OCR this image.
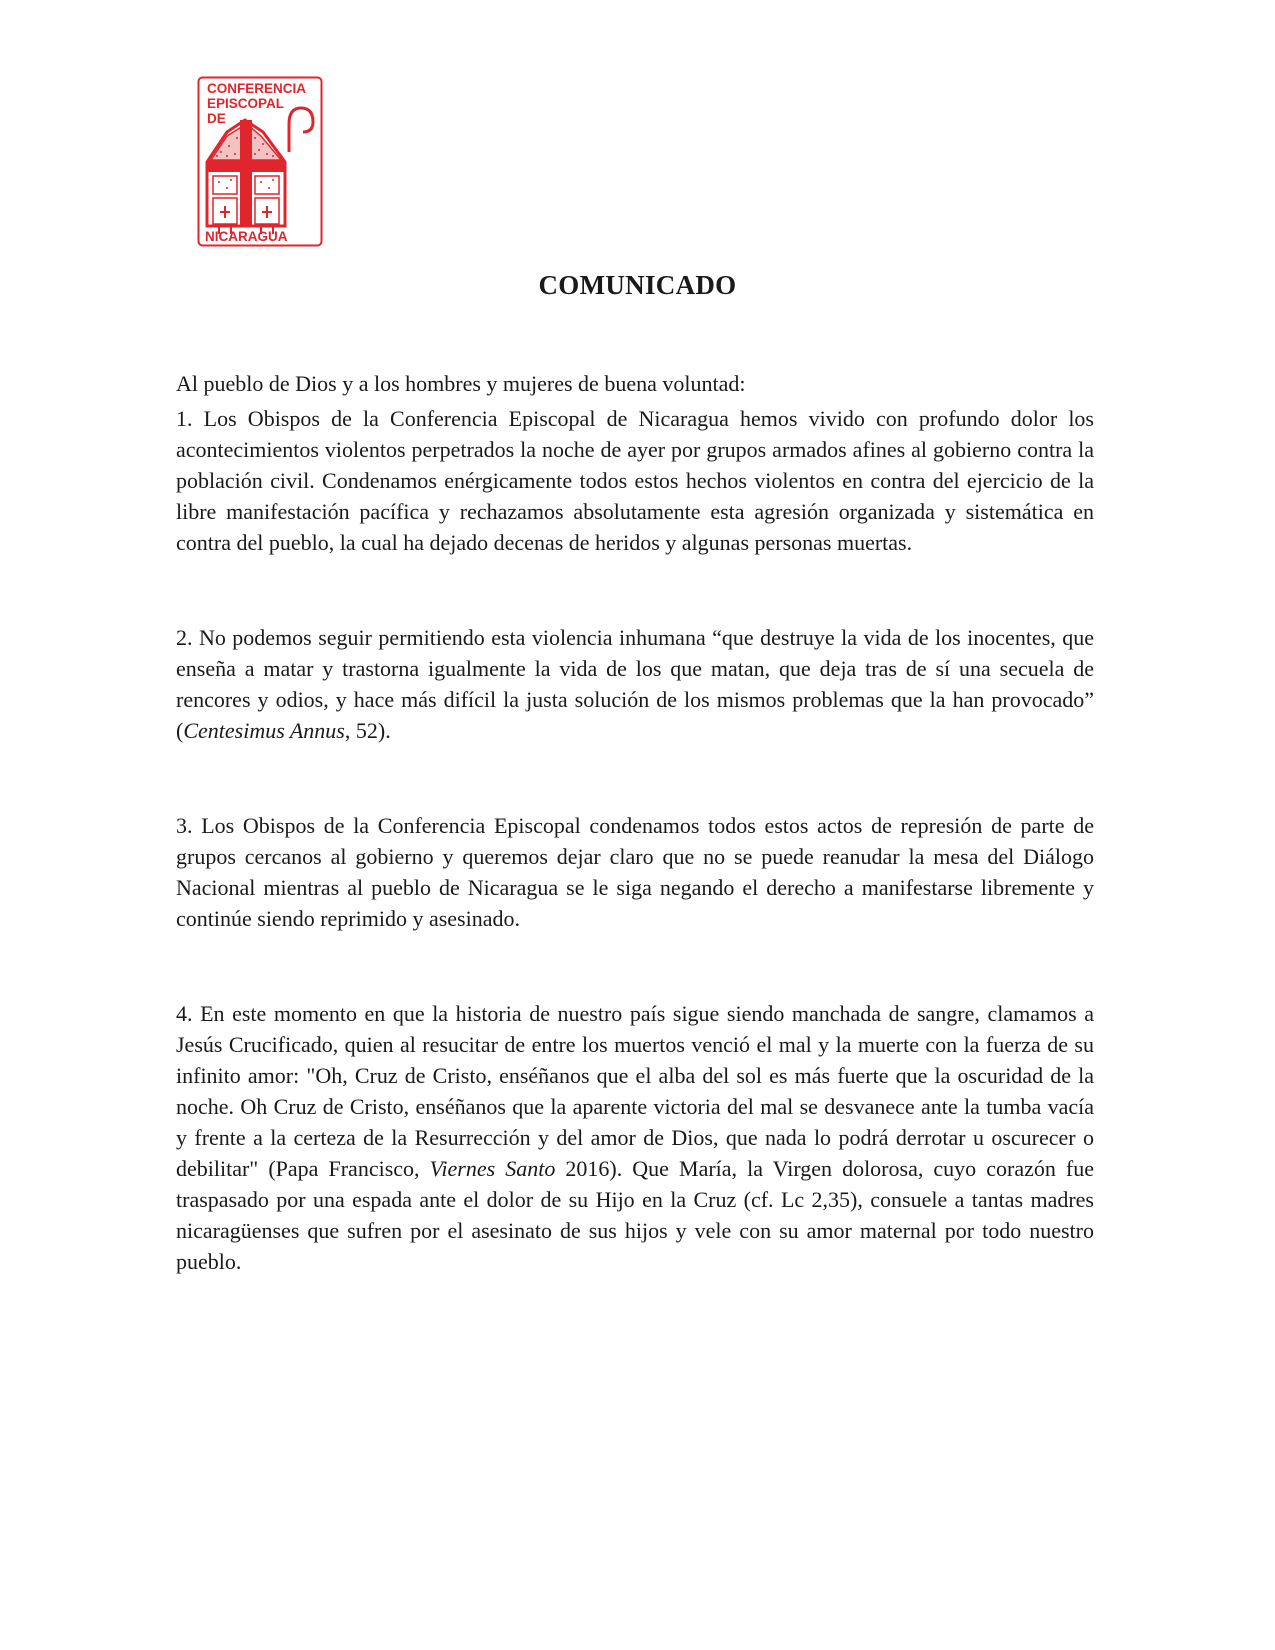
CONFERENCIA
EPISCOPAL
DE
NICARAGUA
COMUNICADO

Al pueblo de Dios y a los hombres y mujeres de buena voluntad:

1. Los Obispos de la Conferencia Episcopal de Nicaragua hemos vivido con profundo dolor los acontecimientos violentos perpetrados la noche de ayer por grupos armados afines al gobierno contra la población civil. Condenamos enérgicamente todos estos hechos violentos en contra del ejercicio de la libre manifestación pacífica y rechazamos absolutamente esta agresión organizada y sistemática en contra del pueblo, la cual ha dejado decenas de heridos y algunas personas muertas.

2. No podemos seguir permitiendo esta violencia inhumana “que destruye la vida de los inocentes, que enseña a matar y trastorna igualmente la vida de los que matan, que deja tras de sí una secuela de rencores y odios, y hace más difícil la justa solución de los mismos problemas que la han provocado” (Centesimus Annus, 52).

3. Los Obispos de la Conferencia Episcopal condenamos todos estos actos de represión de parte de grupos cercanos al gobierno y queremos dejar claro que no se puede reanudar la mesa del Diálogo Nacional mientras al pueblo de Nicaragua se le siga negando el derecho a manifestarse libremente y continúe siendo reprimido y asesinado.

4. En este momento en que la historia de nuestro país sigue siendo manchada de sangre, clamamos a Jesús Crucificado, quien al resucitar de entre los muertos venció el mal y la muerte con la fuerza de su infinito amor: "Oh, Cruz de Cristo, enséñanos que el alba del sol es más fuerte que la oscuridad de la noche. Oh Cruz de Cristo, enséñanos que la aparente victoria del mal se desvanece ante la tumba vacía y frente a la certeza de la Resurrección y del amor de Dios, que nada lo podrá derrotar u oscurecer o debilitar" (Papa Francisco, Viernes Santo 2016). Que María, la Virgen dolorosa, cuyo corazón fue traspasado por una espada ante el dolor de su Hijo en la Cruz (cf. Lc 2,35), consuele a tantas madres nicaragüenses que sufren por el asesinato de sus hijos y vele con su amor maternal por todo nuestro pueblo.
